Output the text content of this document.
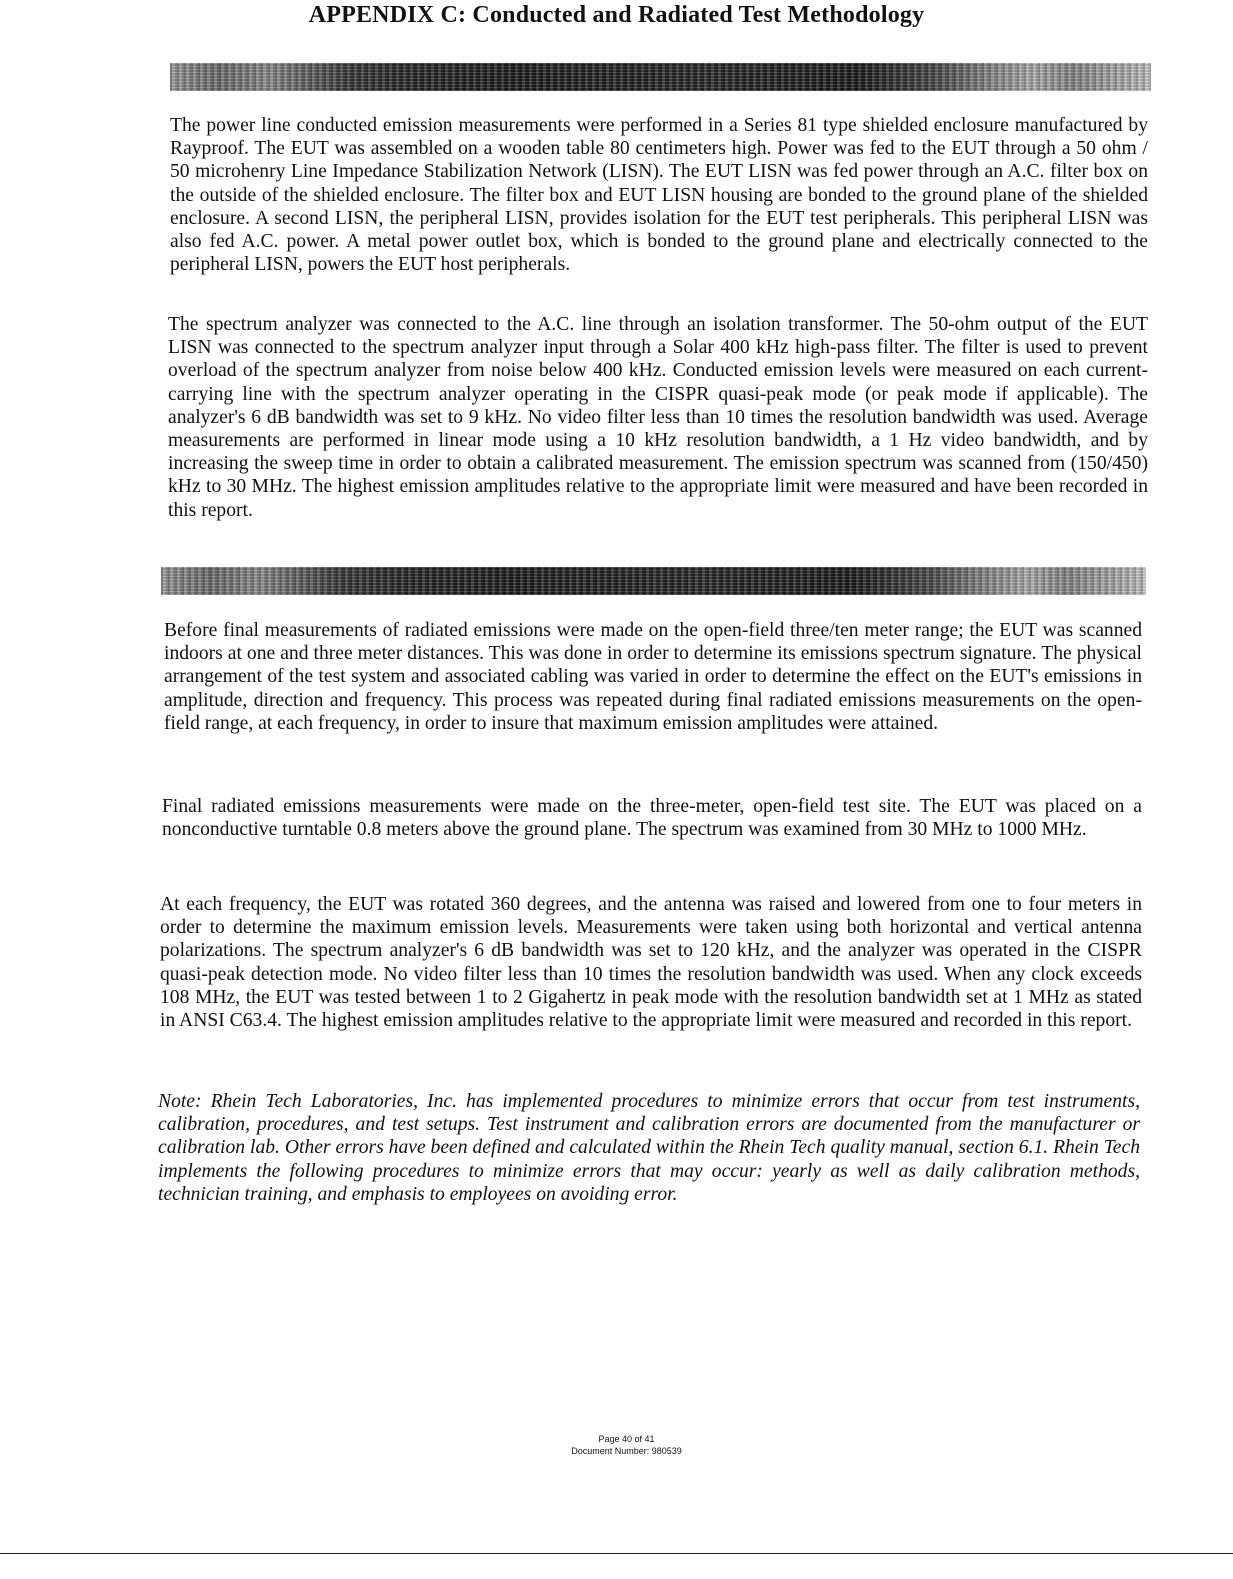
APPENDIX C: Conducted and Radiated Test Methodology

The power line conducted emission measurements were performed in a Series 81 type shielded enclosure manufactured by Rayproof. The EUT was assembled on a wooden table 80 centimeters high. Power was fed to the EUT through a 50 ohm / 50 microhenry Line Impedance Stabilization Network (LISN). The EUT LISN was fed power through an A.C. filter box on the outside of the shielded enclosure. The filter box and EUT LISN housing are bonded to the ground plane of the shielded enclosure. A second LISN, the peripheral LISN, provides isolation for the EUT test peripherals. This peripheral LISN was also fed A.C. power. A metal power outlet box, which is bonded to the ground plane and electrically connected to the peripheral LISN, powers the EUT host peripherals.

The spectrum analyzer was connected to the A.C. line through an isolation transformer. The 50-ohm output of the EUT LISN was connected to the spectrum analyzer input through a Solar 400 kHz high-pass filter. The filter is used to prevent overload of the spectrum analyzer from noise below 400 kHz. Conducted emission levels were measured on each current-carrying line with the spectrum analyzer operating in the CISPR quasi-peak mode (or peak mode if applicable). The analyzer's 6 dB bandwidth was set to 9 kHz. No video filter less than 10 times the resolution bandwidth was used. Average measurements are performed in linear mode using a 10 kHz resolution bandwidth, a 1 Hz video bandwidth, and by increasing the sweep time in order to obtain a calibrated measurement. The emission spectrum was scanned from (150/450) kHz to 30 MHz. The highest emission amplitudes relative to the appropriate limit were measured and have been recorded in this report.

Before final measurements of radiated emissions were made on the open-field three/ten meter range; the EUT was scanned indoors at one and three meter distances. This was done in order to determine its emissions spectrum signature. The physical arrangement of the test system and associated cabling was varied in order to determine the effect on the EUT's emissions in amplitude, direction and frequency. This process was repeated during final radiated emissions measurements on the open-field range, at each frequency, in order to insure that maximum emission amplitudes were attained.

Final radiated emissions measurements were made on the three-meter, open-field test site. The EUT was placed on a nonconductive turntable 0.8 meters above the ground plane. The spectrum was examined from 30 MHz to 1000 MHz.

At each frequency, the EUT was rotated 360 degrees, and the antenna was raised and lowered from one to four meters in order to determine the maximum emission levels. Measurements were taken using both horizontal and vertical antenna polarizations. The spectrum analyzer's 6 dB bandwidth was set to 120 kHz, and the analyzer was operated in the CISPR quasi-peak detection mode. No video filter less than 10 times the resolution bandwidth was used. When any clock exceeds 108 MHz, the EUT was tested between 1 to 2 Gigahertz in peak mode with the resolution bandwidth set at 1 MHz as stated in ANSI C63.4. The highest emission amplitudes relative to the appropriate limit were measured and recorded in this report.

Note: Rhein Tech Laboratories, Inc. has implemented procedures to minimize errors that occur from test instruments, calibration, procedures, and test setups. Test instrument and calibration errors are documented from the manufacturer or calibration lab. Other errors have been defined and calculated within the Rhein Tech quality manual, section 6.1. Rhein Tech implements the following procedures to minimize errors that may occur: yearly as well as daily calibration methods, technician training, and emphasis to employees on avoiding error.

Page 40 of 41
Document Number: 980539
